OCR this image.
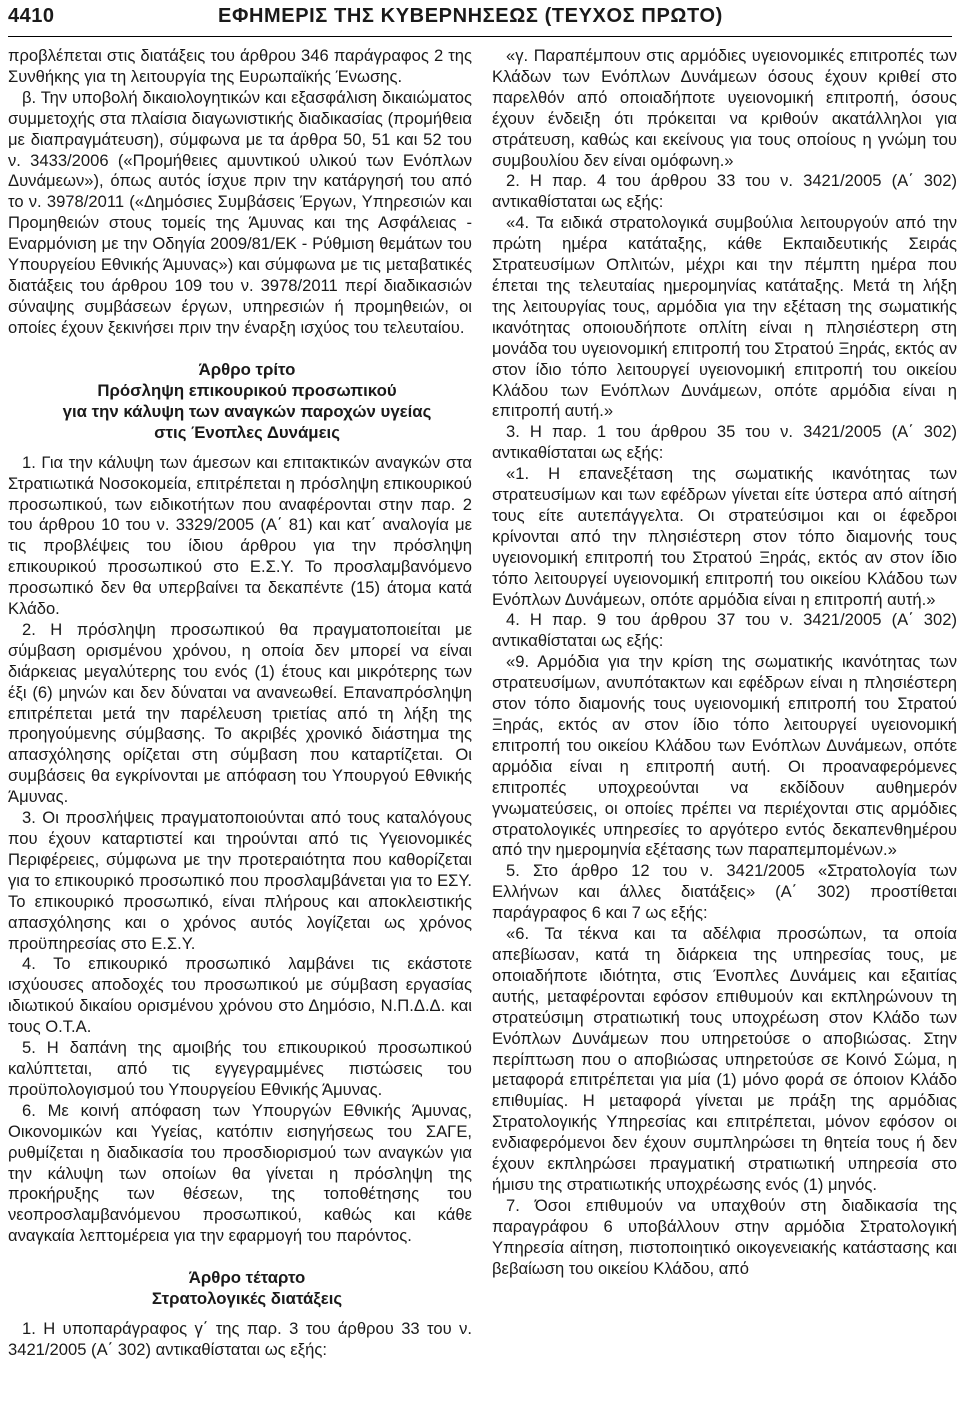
4410	ΕΦΗΜΕΡΙΣ ΤΗΣ ΚΥΒΕΡΝΗΣΕΩΣ (ΤΕΥΧΟΣ ΠΡΩΤΟ)

προβλέπεται στις διατάξεις του άρθρου 346 παράγραφος 2 της Συνθήκης για τη λειτουργία της Ευρωπαϊκής Ένωσης.

β. Την υποβολή δικαιολογητικών και εξασφάλιση δικαιώματος συμμετοχής στα πλαίσια διαγωνιστικής διαδικασίας (προμήθεια με διαπραγμάτευση), σύμφωνα με τα άρθρα 50, 51 και 52 του ν. 3433/2006 («Προμήθειες αμυντικού υλικού των Ενόπλων Δυνάμεων»), όπως αυτός ίσχυε πριν την κατάργησή του από το ν. 3978/2011 («Δημόσιες Συμβάσεις Έργων, Υπηρεσιών και Προμηθειών στους τομείς της Άμυνας και της Ασφάλειας - Εναρμόνιση με την Οδηγία 2009/81/ΕΚ - Ρύθμιση θεμάτων του Υπουργείου Εθνικής Άμυνας») και σύμφωνα με τις μεταβατικές διατάξεις του άρθρου 109 του ν. 3978/2011 περί διαδικασιών σύναψης συμβάσεων έργων, υπηρεσιών ή προμηθειών, οι οποίες έχουν ξεκινήσει πριν την έναρξη ισχύος του τελευταίου.

Άρθρο τρίτο

Πρόσληψη επικουρικού προσωπικού

για την κάλυψη των αναγκών παροχών υγείας

στις Ένοπλες Δυνάμεις

1. Για την κάλυψη των άμεσων και επιτακτικών αναγκών στα Στρατιωτικά Νοσοκομεία, επιτρέπεται η πρόσληψη επικουρικού προσωπικού, των ειδικοτήτων που αναφέρονται στην παρ. 2 του άρθρου 10 του ν. 3329/2005 (Α΄ 81) και κατ΄ αναλογία με τις προβλέψεις του ίδιου άρθρου για την πρόσληψη επικουρικού προσωπικού στο Ε.Σ.Υ. Το προσλαμβανόμενο προσωπικό δεν θα υπερβαίνει τα δεκαπέντε (15) άτομα κατά Κλάδο.

2. Η πρόσληψη προσωπικού θα πραγματοποιείται με σύμβαση ορισμένου χρόνου, η οποία δεν μπορεί να είναι διάρκειας μεγαλύτερης του ενός (1) έτους και μικρότερης των έξι (6) μηνών και δεν δύναται να ανανεωθεί. Επαναπρόσληψη επιτρέπεται μετά την παρέλευση τριετίας από τη λήξη της προηγούμενης σύμβασης. Το ακριβές χρονικό διάστημα της απασχόλησης ορίζεται στη σύμβαση που καταρτίζεται. Οι συμβάσεις θα εγκρίνονται με απόφαση του Υπουργού Εθνικής Άμυνας.

3. Οι προσλήψεις πραγματοποιούνται από τους καταλόγους που έχουν καταρτιστεί και τηρούνται από τις Υγειονομικές Περιφέρειες, σύμφωνα με την προτεραιότητα που καθορίζεται για το επικουρικό προσωπικό που προσλαμβάνεται για το ΕΣΥ. Το επικουρικό προσωπικό, είναι πλήρους και αποκλειστικής απασχόλησης και ο χρόνος αυτός λογίζεται ως χρόνος προϋπηρεσίας στο Ε.Σ.Υ.

4. Το επικουρικό προσωπικό λαμβάνει τις εκάστοτε ισχύουσες αποδοχές του προσωπικού με σύμβαση εργασίας ιδιωτικού δικαίου ορισμένου χρόνου στο Δημόσιο, Ν.Π.Δ.Δ. και τους Ο.Τ.Α.

5. Η δαπάνη της αμοιβής του επικουρικού προσωπικού καλύπτεται, από τις εγγεγραμμένες πιστώσεις του προϋπολογισμού του Υπουργείου Εθνικής Άμυνας.

6. Με κοινή απόφαση των Υπουργών Εθνικής Άμυνας, Οικονομικών και Υγείας, κατόπιν εισηγήσεως του ΣΑΓΕ, ρυθμίζεται η διαδικασία του προσδιορισμού των αναγκών για την κάλυψη των οποίων θα γίνεται η πρόσληψη της προκήρυξης των θέσεων, της τοποθέτησης του νεοπροσλαμβανόμενου προσωπικού, καθώς και κάθε αναγκαία λεπτομέρεια για την εφαρμογή του παρόντος.

Άρθρο τέταρτο

Στρατολογικές διατάξεις

1. Η υποπαράγραφος γ΄ της παρ. 3 του άρθρου 33 του ν. 3421/2005 (Α΄ 302) αντικαθίσταται ως εξής:

«γ. Παραπέμπουν στις αρμόδιες υγειονομικές επιτροπές των Κλάδων των Ενόπλων Δυνάμεων όσους έχουν κριθεί στο παρελθόν από οποιαδήποτε υγειονομική επιτροπή, όσους έχουν ένδειξη ότι πρόκειται να κριθούν ακατάλληλοι για στράτευση, καθώς και εκείνους για τους οποίους η γνώμη του συμβουλίου δεν είναι ομόφωνη.»

2. Η παρ. 4 του άρθρου 33 του ν. 3421/2005 (Α΄ 302) αντικαθίσταται ως εξής:

«4. Τα ειδικά στρατολογικά συμβούλια λειτουργούν από την πρώτη ημέρα κατάταξης, κάθε Εκπαιδευτικής Σειράς Στρατευσίμων Οπλιτών, μέχρι και την πέμπτη ημέρα που έπεται της τελευταίας ημερομηνίας κατάταξης. Μετά τη λήξη της λειτουργίας τους, αρμόδια για την εξέταση της σωματικής ικανότητας οποιουδήποτε οπλίτη είναι η πλησιέστερη στη μονάδα του υγειονομική επιτροπή του Στρατού Ξηράς, εκτός αν στον ίδιο τόπο λειτουργεί υγειονομική επιτροπή του οικείου Κλάδου των Ενόπλων Δυνάμεων, οπότε αρμόδια είναι η επιτροπή αυτή.»

3. Η παρ. 1 του άρθρου 35 του ν. 3421/2005 (Α΄ 302) αντικαθίσταται ως εξής:

«1. Η επανεξέταση της σωματικής ικανότητας των στρατευσίμων και των εφέδρων γίνεται είτε ύστερα από αίτησή τους είτε αυτεπάγγελτα. Οι στρατεύσιμοι και οι έφεδροι κρίνονται από την πλησιέστερη στον τόπο διαμονής τους υγειονομική επιτροπή του Στρατού Ξηράς, εκτός αν στον ίδιο τόπο λειτουργεί υγειονομική επιτροπή του οικείου Κλάδου των Ενόπλων Δυνάμεων, οπότε αρμόδια είναι η επιτροπή αυτή.»

4. Η παρ. 9 του άρθρου 37 του ν. 3421/2005 (Α΄ 302) αντικαθίσταται ως εξής:

«9. Αρμόδια για την κρίση της σωματικής ικανότητας των στρατευσίμων, ανυπότακτων και εφέδρων είναι η πλησιέστερη στον τόπο διαμονής τους υγειονομική επιτροπή του Στρατού Ξηράς, εκτός αν στον ίδιο τόπο λειτουργεί υγειονομική επιτροπή του οικείου Κλάδου των Ενόπλων Δυνάμεων, οπότε αρμόδια είναι η επιτροπή αυτή. Οι προαναφερόμενες επιτροπές υποχρεούνται να εκδίδουν αυθημερόν γνωματεύσεις, οι οποίες πρέπει να περιέχονται στις αρμόδιες στρατολογικές υπηρεσίες το αργότερο εντός δεκαπενθημέρου από την ημερομηνία εξέτασης των παραπεμπομένων.»

5. Στο άρθρο 12 του ν. 3421/2005 «Στρατολογία των Ελλήνων και άλλες διατάξεις» (Α΄ 302) προστίθεται παράγραφος 6 και 7 ως εξής:

«6. Τα τέκνα και τα αδέλφια προσώπων, τα οποία απεβίωσαν, κατά τη διάρκεια της υπηρεσίας τους, με οποιαδήποτε ιδιότητα, στις Ένοπλες Δυνάμεις και εξαιτίας αυτής, μεταφέρονται εφόσον επιθυμούν και εκπληρώνουν τη στρατεύσιμη στρατιωτική τους υποχρέωση στον Κλάδο των Ενόπλων Δυνάμεων που υπηρετούσε ο αποβιώσας. Στην περίπτωση που ο αποβιώσας υπηρετούσε σε Κοινό Σώμα, η μεταφορά επιτρέπεται για μία (1) μόνο φορά σε όποιον Κλάδο επιθυμίας. Η μεταφορά γίνεται με πράξη της αρμόδιας Στρατολογικής Υπηρεσίας και επιτρέπεται, μόνον εφόσον οι ενδιαφερόμενοι δεν έχουν συμπληρώσει τη θητεία τους ή δεν έχουν εκπληρώσει πραγματική στρατιωτική υπηρεσία στο ήμισυ της στρατιωτικής υποχρέωσης ενός (1) μηνός.

7. Όσοι επιθυμούν να υπαχθούν στη διαδικασία της παραγράφου 6 υποβάλλουν στην αρμόδια Στρατολογική Υπηρεσία αίτηση, πιστοποιητικό οικογενειακής κατάστασης και βεβαίωση του οικείου Κλάδου, από
